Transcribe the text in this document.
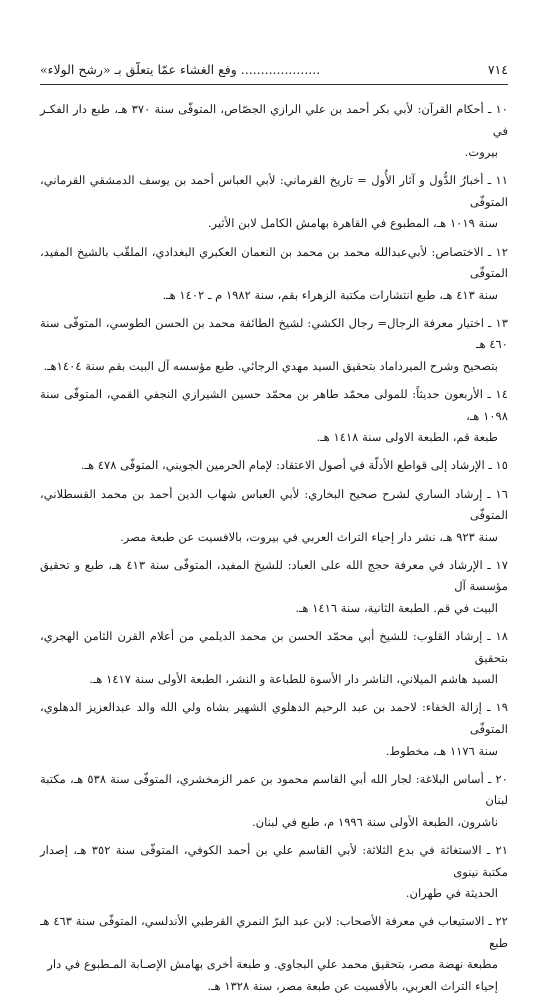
٧١٤
.................... وفع الغشاء عمّا يتعلّق بـ «رشح الولاء»
١٠ ـ أحكام القرآن: لأبي بكر أحمد بن علي الرازي الجصّاص، المتوفّى سنة ٣٧٠ هـ، طبع دار الفكـر في
بيروت.
١١ ـ أخبارُ الدُّول و آثار الأُول = تاريخ القرماني: لأبي العباس أحمد بن يوسف الدمشقي القرماني، المتوفّى
سنة ١٠١٩ هـ، المطبوع في القاهرة بهامش الكامل لابن الأثير.
١٢ ـ الاختصاص: لأبي‌عبدالله محمد بن محمد بن النعمان العكبري البغدادي، الملقّب بالشيخ المفيد، المتوفّى
سنة ٤١٣ هـ، طبع انتشارات مكتبة الزهراء بقم، سنة ١٩٨٢ م ـ ١٤٠٢ هـ.
١٣ ـ اختيار معرفة الرجال= رجال الكشي: لشيخ الطائفة محمد بن الحسن الطوسي، المتوفّى سنة ٤٦٠ هـ
بتصحيح وشرح الميرداماد بتحقيق السيد مهدي الرجائي. طبع مؤسسه آل البيت بقم سنة ١٤٠٤هـ.
١٤ ـ الأربعون حديثاً: للمولى محمّد طاهر بن محمّد حسين الشيرازي النجفي القمي، المتوفّى سنة ١٠٩٨ هـ،
طبعة قم، الطبعة الاولى سنة ١٤١٨ هـ.
١٥ ـ الإرشاد إلى قواطع الأدلّة في أصول الاعتقاد: لإمام الحرمين الجويني، المتوفّى ٤٧٨ هـ.
١٦ ـ إرشاد الساري لشرح صحيح البخاري: لأبي العباس شهاب الدين أحمد بن محمد القسطلاني، المتوفّى
سنة ٩٢٣ هـ، نشر دار إحياء التراث العربي في بيروت، بالافسيت عن طبعة مصر.
١٧ ـ الإرشاد في معرفة حجج الله على العباد: للشيخ المفيد، المتوفّى سنة ٤١٣ هـ، طبع و تحقيق مؤسسة آل
البيت في قم. الطبعة الثانية، سنة ١٤١٦ هـ.
١٨ ـ إرشاد القلوب: للشيخ أبي محمّد الحسن بن محمد الديلمي من أعلام القرن الثامن الهجري، بتحقيق
السيد هاشم الميلاني، الناشر دار الأسوة للطباعة و النشر، الطبعة الأولى سنة ١٤١٧ هـ.
١٩ ـ إزالة الخفاء: لاحمد بن عبد الرحيم الدهلوي الشهير بشاه ولي الله والد عبدالعزيز الدهلوي، المتوفّى
سنة ١١٧٦ هـ، مخطوط.
٢٠ ـ أساس البلاغة: لجار الله أبي القاسم محمود بن عمر الزمخشري، المتوفّى سنة ٥٣٨ هـ، مكتبة لبنان
ناشرون، الطبعة الأولى سنة ١٩٩٦ م، طبع في لبنان.
٢١ ـ الاستغاثة في بدع الثلاثة: لأبي القاسم علي بن أحمد الكوفي، المتوفّى سنة ٣٥٢ هـ، إصدار مكتبة نينوى
الحديثة في طهران.
٢٢ ـ الاستيعاب في معرفة الأصحاب: لابن عبد البرّ النمري القرطبي الأندلسي، المتوفّى سنة ٤٦٣ هـ طبع
مطبعة نهضة مصر، بتحقيق محمد علي البجاوي. و طبعة أخرى بهامش الإصـابة المـطبوع في دار
إحياء التراث العربي، بالأفسيت عن طبعة مصر، سنة ١٣٢٨ هـ.
